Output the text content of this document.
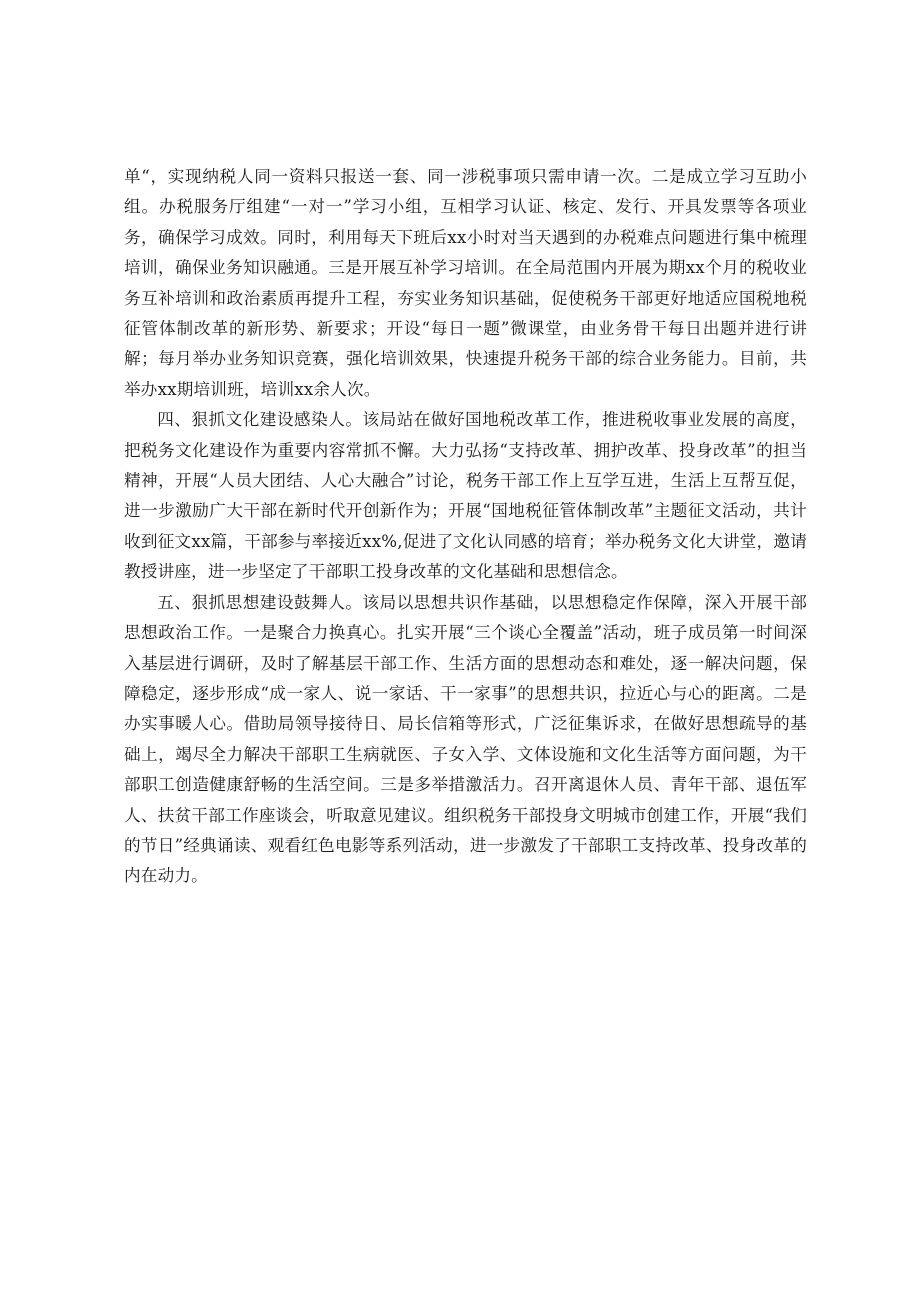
单“，实现纳税人同一资料只报送一套、同一涉税事项只需申请一次。二是成立学习互助小组。办税服务厅组建“一对一”学习小组，互相学习认证、核定、发行、开具发票等各项业务，确保学习成效。同时，利用每天下班后xx小时对当天遇到的办税难点问题进行集中梳理培训，确保业务知识融通。三是开展互补学习培训。在全局范围内开展为期xx个月的税收业务互补培训和政治素质再提升工程，夯实业务知识基础，促使税务干部更好地适应国税地税征管体制改革的新形势、新要求；开设“每日一题”微课堂，由业务骨干每日出题并进行讲解；每月举办业务知识竞赛，强化培训效果，快速提升税务干部的综合业务能力。目前，共举办xx期培训班，培训xx余人次。

四、狠抓文化建设感染人。该局站在做好国地税改革工作，推进税收事业发展的高度，把税务文化建设作为重要内容常抓不懈。大力弘扬“支持改革、拥护改革、投身改革”的担当精神，开展“人员大团结、人心大融合”讨论，税务干部工作上互学互进，生活上互帮互促，进一步激励广大干部在新时代开创新作为；开展“国地税征管体制改革”主题征文活动，共计收到征文xx篇，干部参与率接近xx%,促进了文化认同感的培育；举办税务文化大讲堂，邀请教授讲座，进一步坚定了干部职工投身改革的文化基础和思想信念。

五、狠抓思想建设鼓舞人。该局以思想共识作基础，以思想稳定作保障，深入开展干部思想政治工作。一是聚合力换真心。扎实开展“三个谈心全覆盖”活动，班子成员第一时间深入基层进行调研，及时了解基层干部工作、生活方面的思想动态和难处，逐一解决问题，保障稳定，逐步形成“成一家人、说一家话、干一家事”的思想共识，拉近心与心的距离。二是办实事暖人心。借助局领导接待日、局长信箱等形式，广泛征集诉求，在做好思想疏导的基础上，竭尽全力解决干部职工生病就医、子女入学、文体设施和文化生活等方面问题，为干部职工创造健康舒畅的生活空间。三是多举措激活力。召开离退休人员、青年干部、退伍军人、扶贫干部工作座谈会，听取意见建议。组织税务干部投身文明城市创建工作，开展“我们的节日”经典诵读、观看红色电影等系列活动，进一步激发了干部职工支持改革、投身改革的内在动力。
